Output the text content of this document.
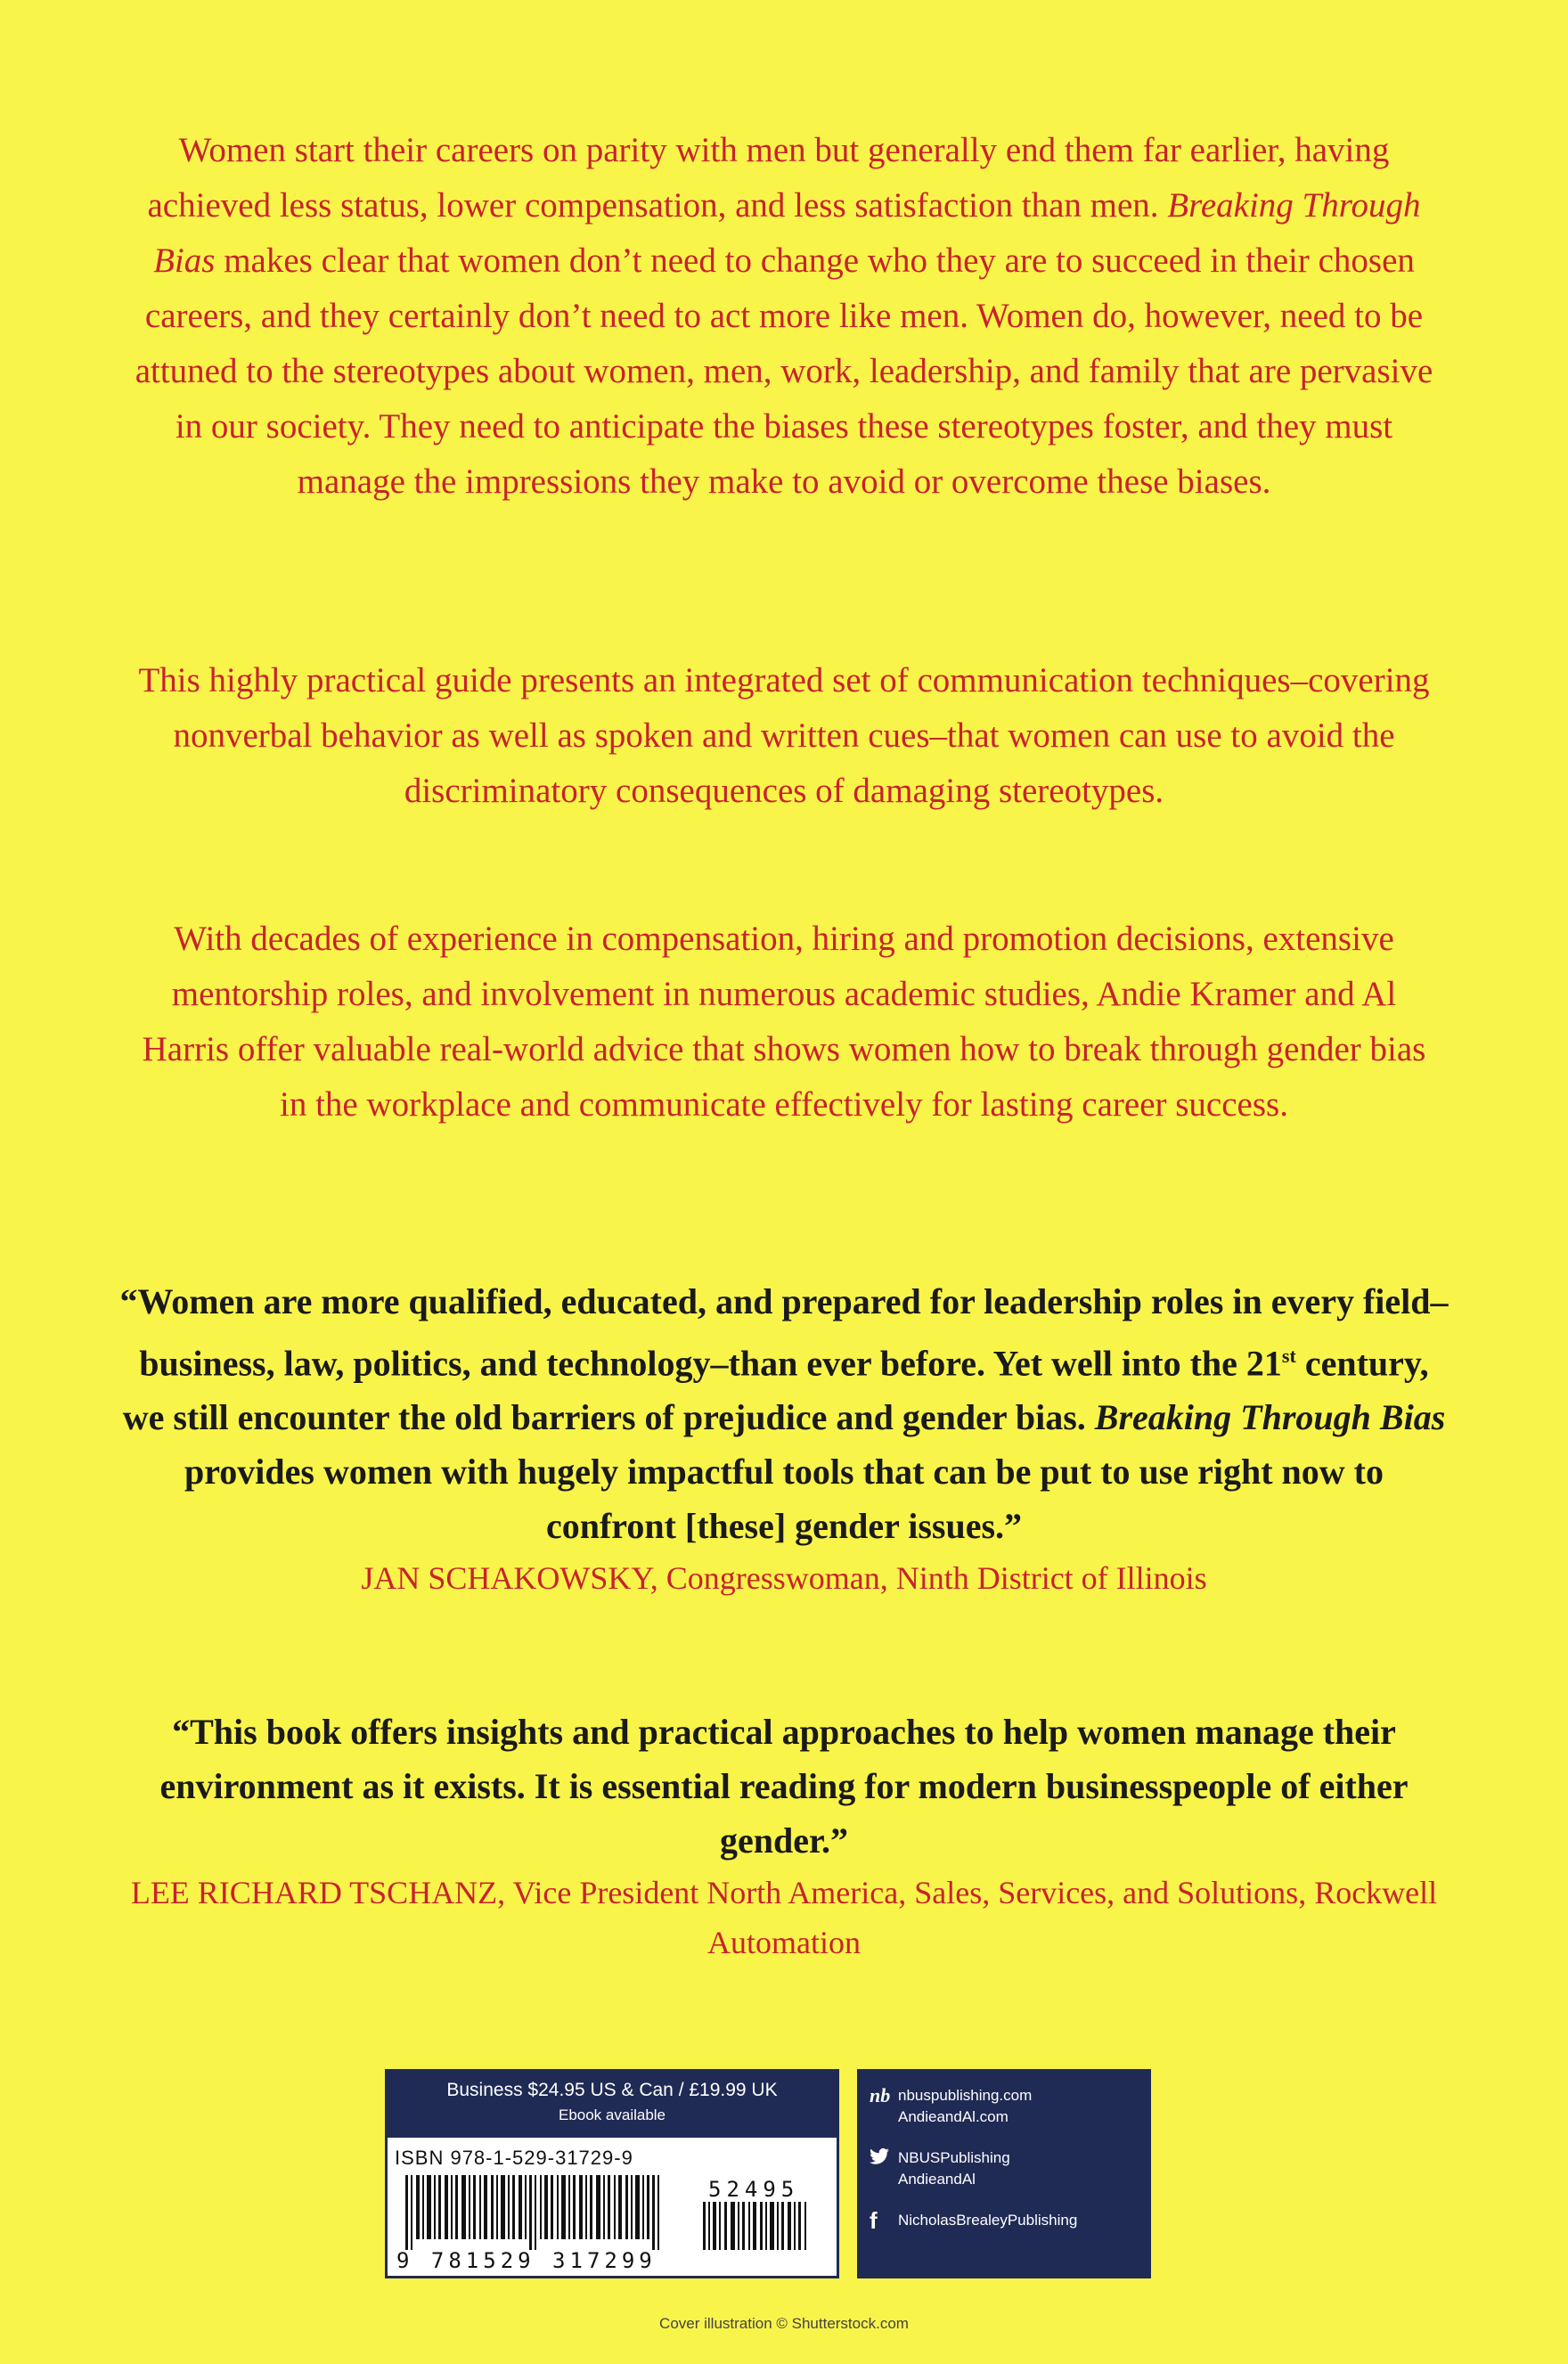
Women start their careers on parity with men but generally end them far earlier, having achieved less status, lower compensation, and less satisfaction than men. Breaking Through Bias makes clear that women don’t need to change who they are to succeed in their chosen careers, and they certainly don’t need to act more like men. Women do, however, need to be attuned to the stereotypes about women, men, work, leadership, and family that are pervasive in our society. They need to anticipate the biases these stereotypes foster, and they must manage the impressions they make to avoid or overcome these biases.

This highly practical guide presents an integrated set of communication techniques–covering nonverbal behavior as well as spoken and written cues–that women can use to avoid the discriminatory consequences of damaging stereotypes.

With decades of experience in compensation, hiring and promotion decisions, extensive mentorship roles, and involvement in numerous academic studies, Andie Kramer and Al Harris offer valuable real-world advice that shows women how to break through gender bias in the workplace and communicate effectively for lasting career success.

“Women are more qualified, educated, and prepared for leadership roles in every field–business, law, politics, and technology–than ever before. Yet well into the 21st century, we still encounter the old barriers of prejudice and gender bias. Breaking Through Bias provides women with hugely impactful tools that can be put to use right now to confront [these] gender issues.”

JAN SCHAKOWSKY, Congresswoman, Ninth District of Illinois

“This book offers insights and practical approaches to help women manage their environment as it exists. It is essential reading for modern businesspeople of either gender.”

LEE RICHARD TSCHANZ, Vice President North America, Sales, Services, and Solutions, Rockwell Automation

Business $24.95 US & Can / £19.99 UK
Ebook available
ISBN 978-1-529-31729-9
9 781529 317299
52495
nb nbuspublishing.com
AndieandAl.com
NBUSPublishing
AndieandAl
f	NicholasBrealeyPublishing
Cover illustration © Shutterstock.com
